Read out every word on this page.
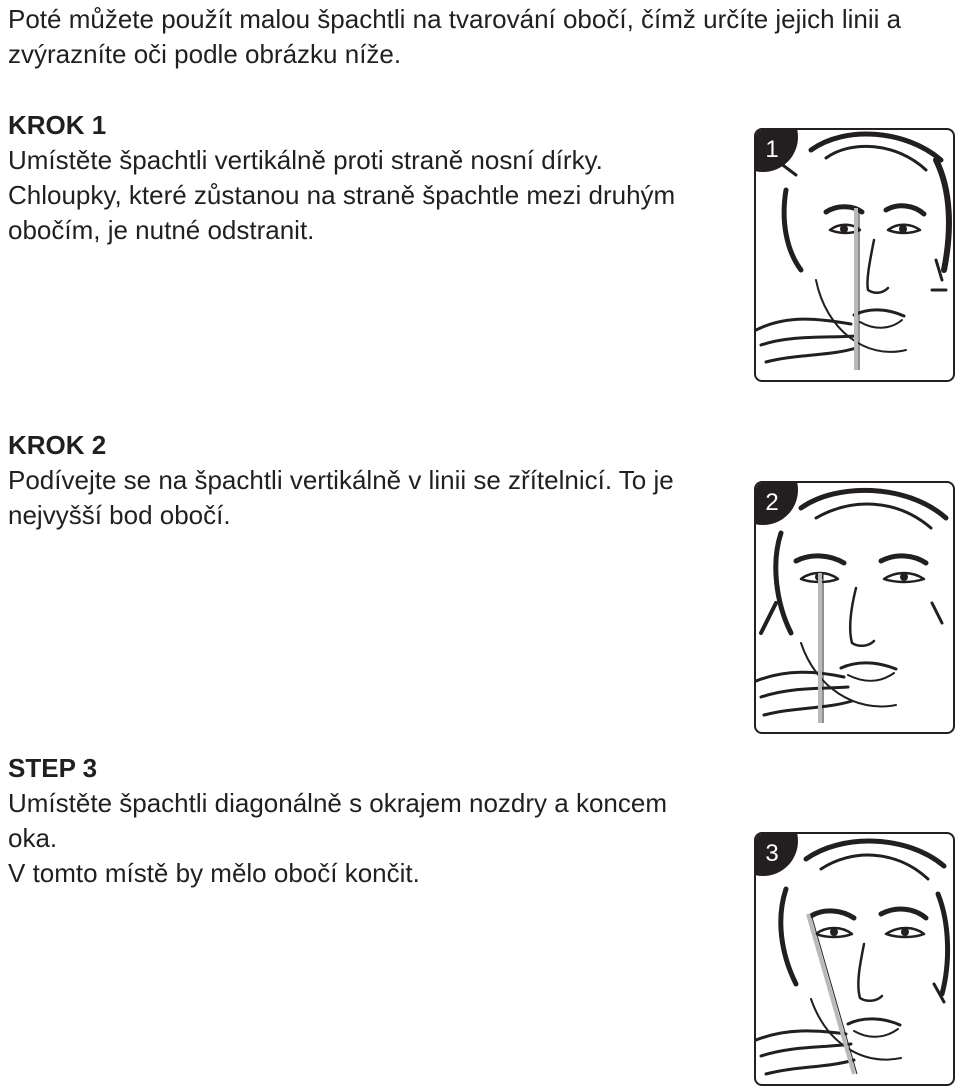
Poté můžete použít malou špachtli na tvarování obočí, čímž určíte jejich linii a zvýrazníte oči podle obrázku níže.

KROK 1

Umístěte špachtli vertikálně proti straně nosní dírky.

Chloupky, které zůstanou na straně špachtle mezi druhým obočím, je nutné odstranit.

KROK 2

Podívejte se na špachtli vertikálně v linii se zřítelnicí. To je nejvyšší bod obočí.

STEP 3

Umístěte špachtli diagonálně s okrajem nozdry a koncem oka.

V tomto místě by mělo obočí končit.

1
2
3
